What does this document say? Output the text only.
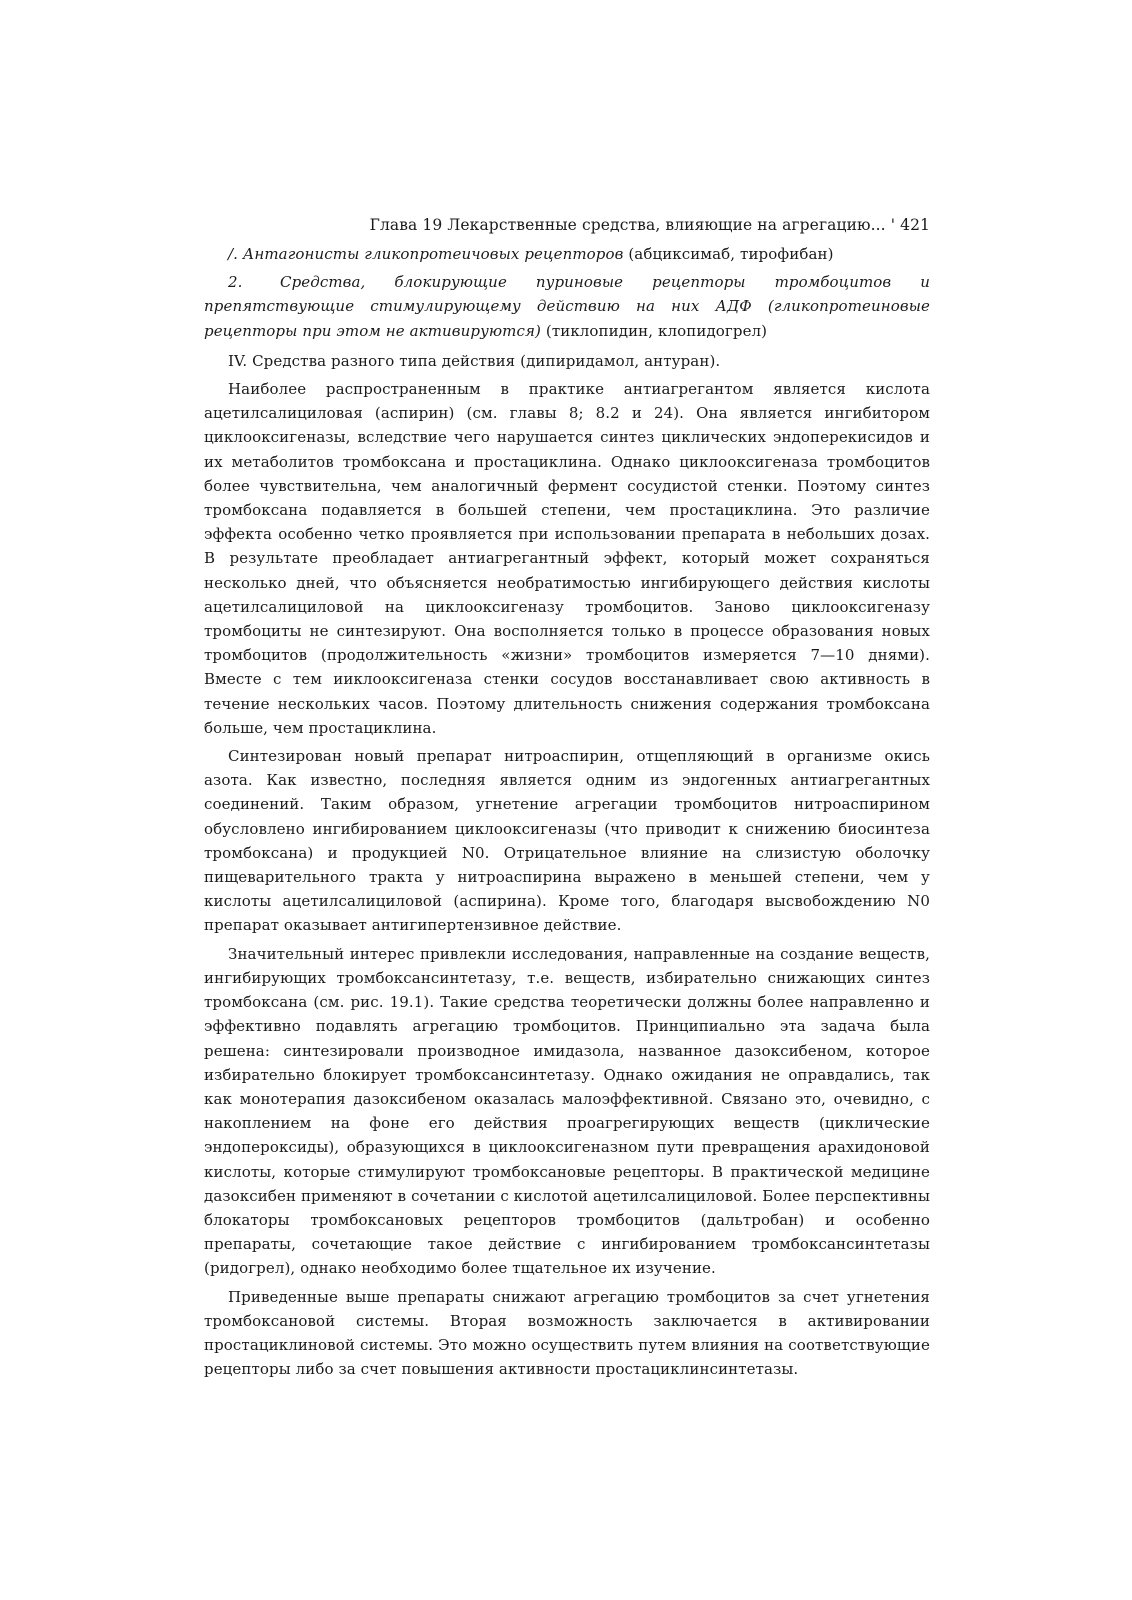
Глава 19 Лекарственные средства, влияющие на агрегацию... ' 421

/. Антагонисты гликопротеичовых рецепторов (абциксимаб, тирофибан)

2. Средства, блокирующие пуриновые рецепторы тромбоцитов и препятствующие стимулирующему действию на них АДФ (гликопротеиновые рецепторы при этом не активируются) (тиклопидин, клопидогрел)

IV. Средства разного типа действия (дипиридамол, антуран).

Наиболее распространенным в практике антиагрегантом является кислота ацетилсалициловая (аспирин) (см. главы 8; 8.2 и 24). Она является ингибитором циклооксигеназы, вследствие чего нарушается синтез циклических эндоперекисидов и их метаболитов тромбоксана и простациклина. Однако циклооксигеназа тромбоцитов более чувствительна, чем аналогичный фермент сосудистой стенки. Поэтому синтез тромбоксана подавляется в большей степени, чем простациклина. Это различие эффекта особенно четко проявляется при использовании препарата в небольших дозах. В результате преобладает антиагрегантный эффект, который может сохраняться несколько дней, что объясняется необратимостью ингибирующего действия кислоты ацетилсалициловой на циклооксигеназу тромбоцитов. Заново циклооксигеназу тромбоциты не синтезируют. Она восполняется только в процессе образования новых тромбоцитов (продолжительность «жизни» тромбоцитов измеряется 7—10 днями). Вместе с тем ииклооксигеназа стенки сосудов восстанавливает свою активность в течение нескольких часов. Поэтому длительность снижения содержания тромбоксана больше, чем простациклина.

Синтезирован новый препарат нитроаспирин, отщепляющий в организме окись азота. Как известно, последняя является одним из эндогенных антиагрегантных соединений. Таким образом, угнетение агрегации тромбоцитов нитроаспирином обусловлено ингибированием циклооксигеназы (что приводит к снижению биосинтеза тромбоксана) и продукцией N0. Отрицательное влияние на слизистую оболочку пищеварительного тракта у нитроаспирина выражено в меньшей степени, чем у кислоты ацетилсалициловой (аспирина). Кроме того, благодаря высвобождению N0 препарат оказывает антигипертензивное действие.

Значительный интерес привлекли исследования, направленные на создание веществ, ингибирующих тромбоксансинтетазу, т.е. веществ, избирательно снижающих синтез тромбоксана (см. рис. 19.1). Такие средства теоретически должны более направленно и эффективно подавлять агрегацию тромбоцитов. Принципиально эта задача была решена: синтезировали производное имидазола, названное дазоксибеном, которое избирательно блокирует тромбоксансинтетазу. Однако ожидания не оправдались, так как монотерапия дазоксибеном оказалась малоэффективной. Связано это, очевидно, с накоплением на фоне его действия проагрегирующих веществ (циклические эндопероксиды), образующихся в циклооксигеназном пути превращения арахидоновой кислоты, которые стимулируют тромбоксановые рецепторы. В практической медицине дазоксибен применяют в сочетании с кислотой ацетилсалициловой. Более перспективны блокаторы тромбоксановых рецепторов тромбоцитов (дальтробан) и особенно препараты, сочетающие такое действие с ингибированием тромбоксансинтетазы (ридогрел), однако необходимо более тщательное их изучение.

Приведенные выше препараты снижают агрегацию тромбоцитов за счет угнетения тромбоксановой системы. Вторая возможность заключается в активировании простациклиновой системы. Это можно осуществить путем влияния на соответствующие рецепторы либо за счет повышения активности простациклинсинтетазы.
